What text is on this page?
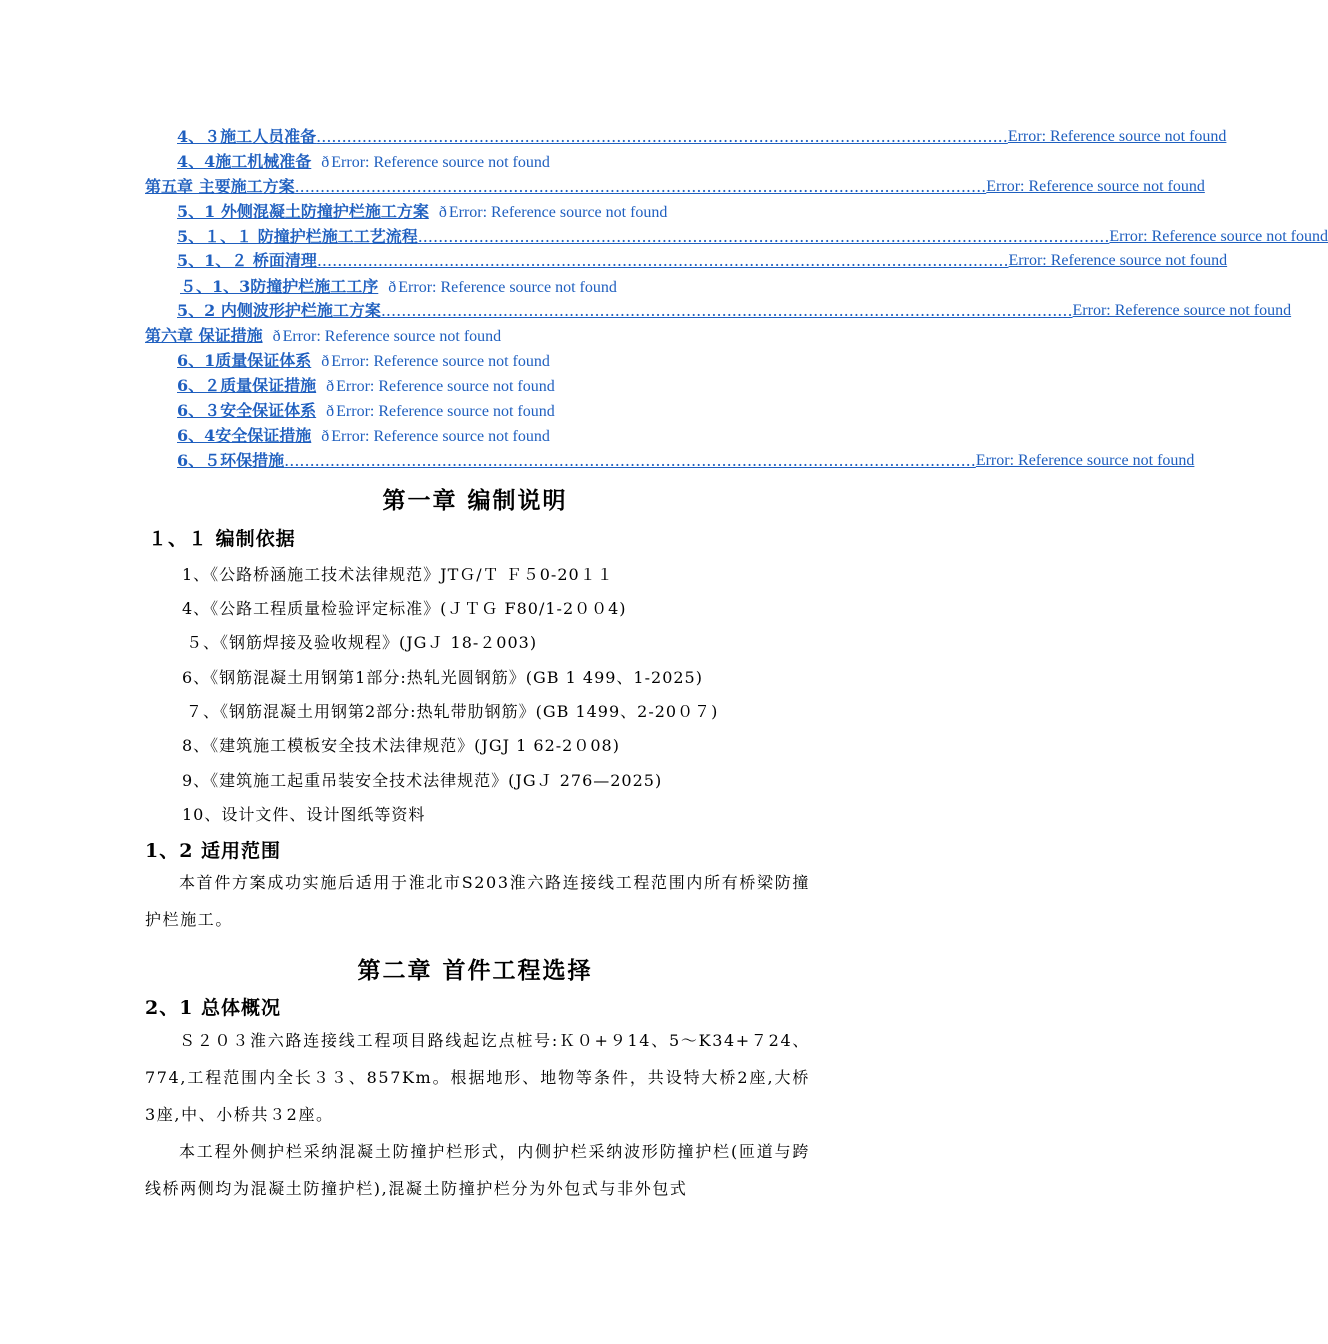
4、３施工人员准备 ........................................................................................................................................ Error: Reference source not found
4、4施工机械准备 ð Error: Reference source not found
第五章 主要施工方案 ........................................................................................................................................ Error: Reference source not found
5、1 外侧混凝土防撞护栏施工方案 ð Error: Reference source not found
5、１、１ 防撞护栏施工工艺流程 ........................................................................................................................................ Error: Reference source not found
5、1、２ 桥面清理 ........................................................................................................................................ Error: Reference source not found
５、1、3防撞护栏施工工序 ð Error: Reference source not found
5、2 内侧波形护栏施工方案 ........................................................................................................................................ Error: Reference source not found
第六章 保证措施 ð Error: Reference source not found
6、1质量保证体系 ð Error: Reference source not found
6、２质量保证措施 ð Error: Reference source not found
6、３安全保证体系 ð Error: Reference source not found
6、4安全保证措施 ð Error: Reference source not found
6、５环保措施 ........................................................................................................................................ Error: Reference source not found
第一章 编制说明
１、１ 编制依据
1、《公路桥涵施工技术法律规范》JTＧ/Ｔ Ｆ５0-20１１
4、《公路工程质量检验评定标准》(ＪＴＧ F80/1-2００4)
５、《钢筋焊接及验收规程》(JGＪ 18-２003)
6、《钢筋混凝土用钢第1部分:热轧光圆钢筋》(GB 1 499、1-2025)
７、《钢筋混凝土用钢第2部分:热轧带肋钢筋》(GB 1499、2-20０７)
8、《建筑施工模板安全技术法律规范》(JGJ 1 62-2０08)
9、《建筑施工起重吊装安全技术法律规范》(JGＪ 276—2025)
10、设计文件、设计图纸等资料
1、2 适用范围
本首件方案成功实施后适用于淮北市S203淮六路连接线工程范围内所有桥梁防撞护栏施工。
第二章 首件工程选择
2、1 总体概况
Ｓ２０３淮六路连接线工程项目路线起讫点桩号:Ｋ０+９14、5～K34+７24、774,工程范围内全长３３、857Km。根据地形、地物等条件，共设特大桥2座,大桥3座,中、小桥共３2座。
本工程外侧护栏采纳混凝土防撞护栏形式，内侧护栏采纳波形防撞护栏(匝道与跨线桥两侧均为混凝土防撞护栏),混凝土防撞护栏分为外包式与非外包式
